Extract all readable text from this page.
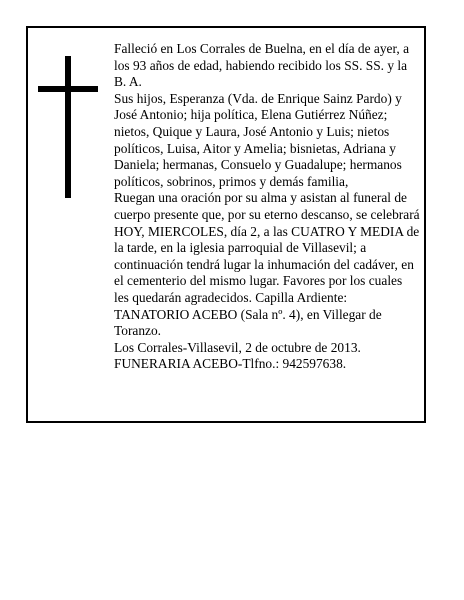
Falleció en Los Corrales de Buelna, en el día de ayer, a los 93 años de edad, habiendo recibido los SS. SS. y la B. A.

Sus hijos, Esperanza (Vda. de Enrique Sainz Pardo) y José Antonio; hija política, Elena Gutiérrez Núñez; nietos, Quique y Laura, José Antonio y Luis; nietos políticos, Luisa, Aitor y Amelia; bisnietas, Adriana y Daniela; hermanas, Consuelo y Guadalupe; hermanos políticos, sobrinos, primos y demás familia,

Ruegan una oración por su alma y asistan al funeral de cuerpo presente que, por su eterno descanso, se celebrará HOY, MIERCOLES, día 2, a las CUATRO Y MEDIA de la tarde, en la iglesia parroquial de Villasevil; a continuación tendrá lugar la inhumación del cadáver, en el cementerio del mismo lugar. Favores por los cuales les quedarán agradecidos. Capilla Ardiente: TANATORIO ACEBO (Sala nº. 4), en Villegar de Toranzo.

Los Corrales-Villasevil, 2 de octubre de 2013.

FUNERARIA ACEBO-Tlfno.: 942597638.
